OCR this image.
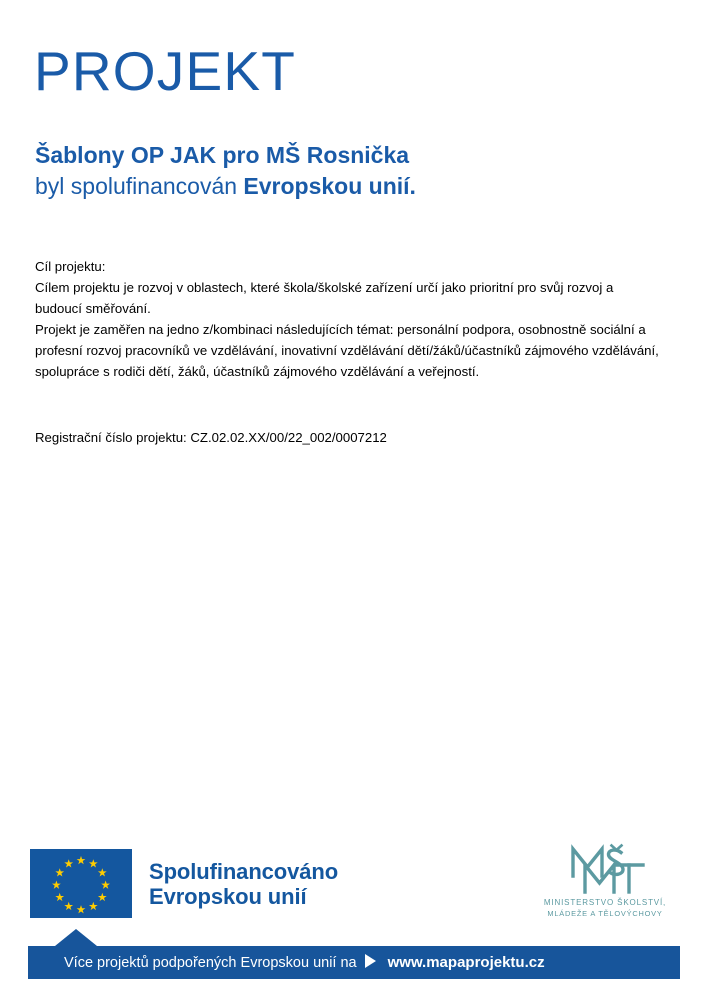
PROJEKT
Šablony OP JAK pro MŠ Rosnička
byl spolufinancován Evropskou unií.

Cíl projektu:

Cílem projektu je rozvoj v oblastech, které škola/školské zařízení určí jako prioritní pro svůj rozvoj a budoucí směřování.

Projekt je zaměřen na jedno z/kombinaci následujících témat: personální podpora, osobnostně sociální a profesní rozvoj pracovníků ve vzdělávání, inovativní vzdělávání dětí/žáků/účastníků zájmového vzdělávání, spolupráce s rodiči dětí, žáků, účastníků zájmového vzdělávání a veřejností.

Registrační číslo projektu: CZ.02.02.XX/00/22_002/0007212
Spolufinancováno
Evropskou unií	MINISTERSTVO ŠKOLSTVÍ,
MLÁDEŽE A TĚLOVÝCHOVY
Více projektů podpořených Evropskou unií na www.mapaprojektu.cz
